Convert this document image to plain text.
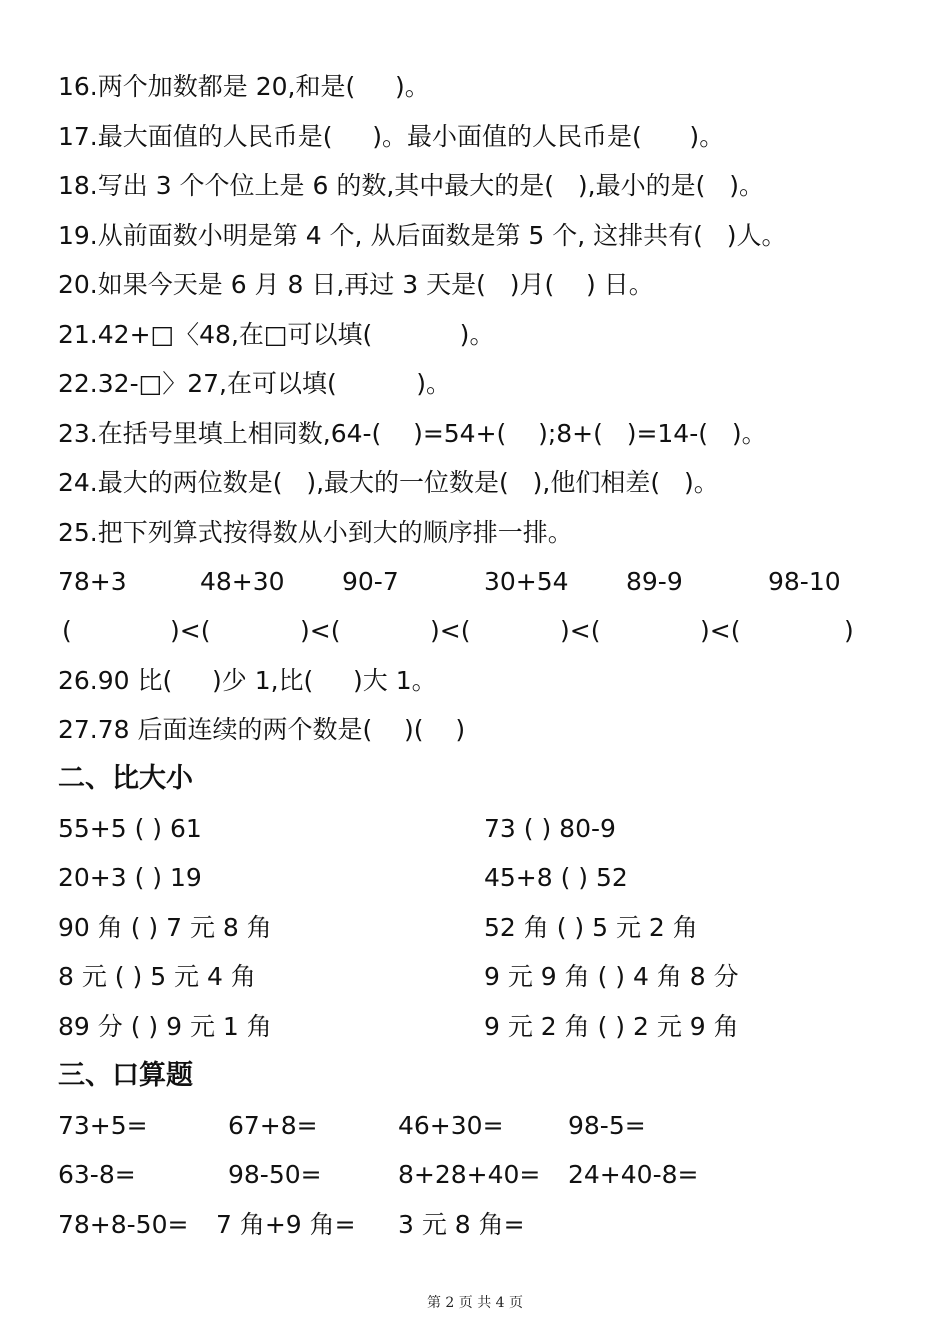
16.两个加数都是 20,和是(     )。
17.最大面值的人民币是(     )。最小面值的人民币是(      )。
18.写出 3 个个位上是 6 的数,其中最大的是(   ),最小的是(   )。
19.从前面数小明是第 4 个, 从后面数是第 5 个, 这排共有(   )人。
20.如果今天是 6 月 8 日,再过 3 天是(   )月(    ) 日。
21.42+□〈48,在□可以填(           )。
22.32-□〉27,在可以填(          )。
23.在括号里填上相同数,64-(    )=54+(    );8+(   )=14-(   )。
24.最大的两位数是(   ),最大的一位数是(   ),他们相差(   )。
25.把下列算式按得数从小到大的顺序排一排。
78+3	48+30 90-7	30+54 89-9	98-10
(	)<(	)<(	)<(	)<(	)<(	)
26.90 比(     )少 1,比(     )大 1。
27.78 后面连续的两个数是(    )(    )
二、比大小
55+5 ( ) 61	73 ( ) 80-9
20+3 ( ) 19	45+8 ( ) 52
90 角 ( ) 7 元 8 角	52 角 ( ) 5 元 2 角
8 元 ( ) 5 元 4 角	9 元 9 角 ( ) 4 角 8 分
89 分 ( ) 9 元 1 角	9 元 2 角 ( ) 2 元 9 角
三、口算题
73+5=	67+8=	46+30=	98-5=
63-8=	98-50=	8+28+40= 24+40-8=
78+8-50= 7 角+9 角= 3 元 8 角=
第 2 页 共 4 页
